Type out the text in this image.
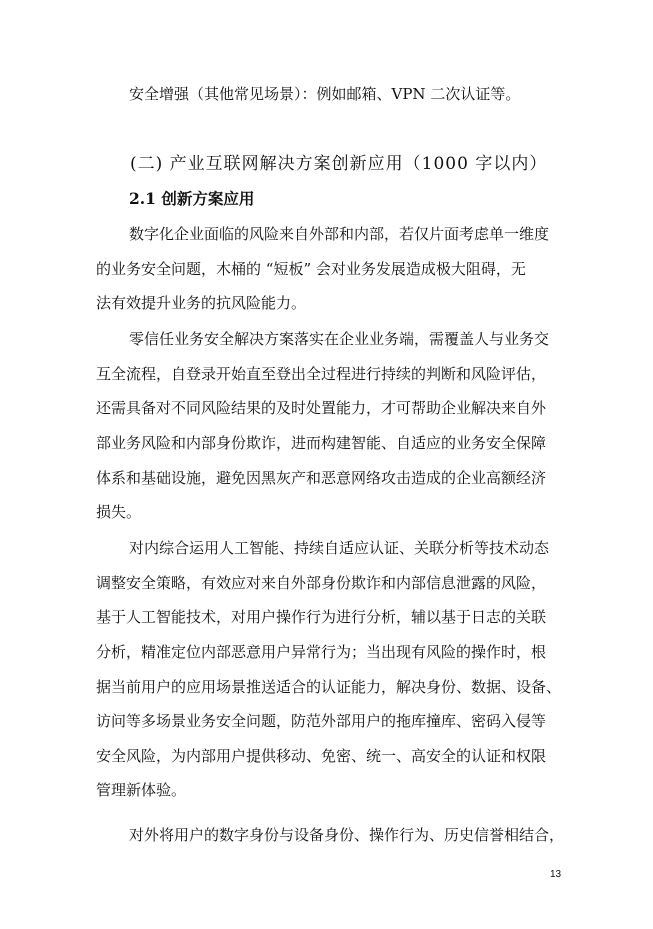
安全增强（其他常见场景）：例如邮箱、VPN 二次认证等。
(二) 产业互联网解决方案创新应用（1000 字以内）
2.1 创新方案应用
数字化企业面临的风险来自外部和内部，若仅片面考虑单一维度
的业务安全问题，木桶的 “短板” 会对业务发展造成极大阻碍，无
法有效提升业务的抗风险能力。
零信任业务安全解决方案落实在企业业务端，需覆盖人与业务交
互全流程，自登录开始直至登出全过程进行持续的判断和风险评估，
还需具备对不同风险结果的及时处置能力，才可帮助企业解决来自外
部业务风险和内部身份欺诈，进而构建智能、自适应的业务安全保障
体系和基础设施，避免因黑灰产和恶意网络攻击造成的企业高额经济
损失。
对内综合运用人工智能、持续自适应认证、关联分析等技术动态
调整安全策略，有效应对来自外部身份欺诈和内部信息泄露的风险，
基于人工智能技术，对用户操作行为进行分析，辅以基于日志的关联
分析，精准定位内部恶意用户异常行为；当出现有风险的操作时，根
据当前用户的应用场景推送适合的认证能力，解决身份、数据、设备、
访问等多场景业务安全问题，防范外部用户的拖库撞库、密码入侵等
安全风险，为内部用户提供移动、免密、统一、高安全的认证和权限
管理新体验。
对外将用户的数字身份与设备身份、操作行为、历史信誉相结合，
13
